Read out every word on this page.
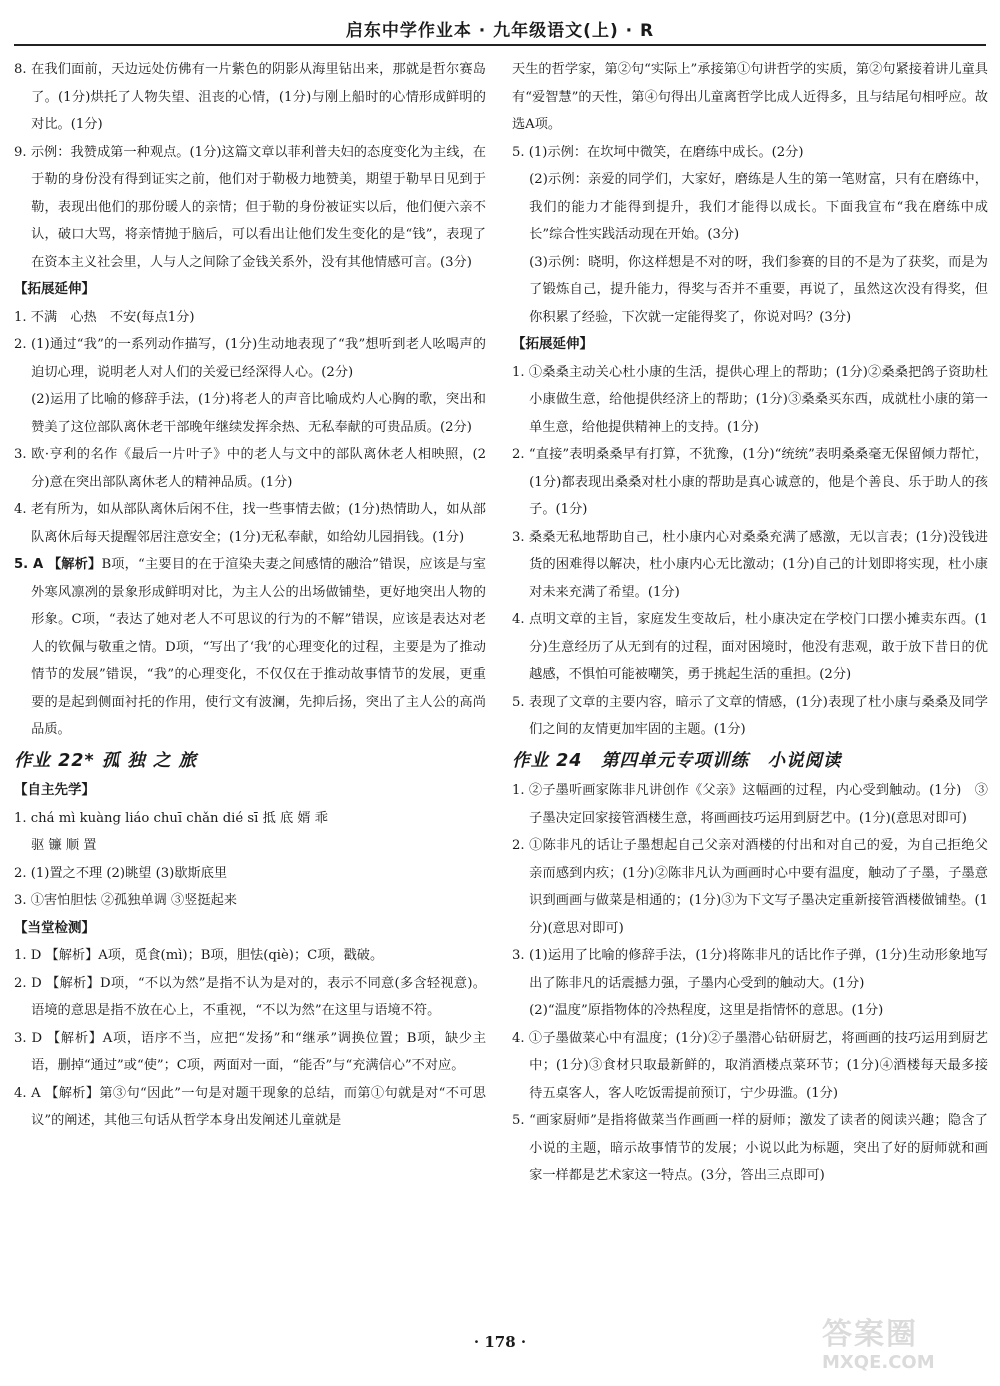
启东中学作业本 · 九年级语文(上) · R

8. 在我们面前，天边远处仿佛有一片紫色的阴影从海里钻出来，那就是哲尔赛岛了。(1分)烘托了人物失望、沮丧的心情，(1分)与刚上船时的心情形成鲜明的对比。(1分)

9. 示例：我赞成第一种观点。(1分)这篇文章以菲利普夫妇的态度变化为主线，在于勒的身份没有得到证实之前，他们对于勒极力地赞美，期望于勒早日见到于勒，表现出他们的那份暖人的亲情；但于勒的身份被证实以后，他们便六亲不认，破口大骂，将亲情抛于脑后，可以看出让他们发生变化的是“钱”，表现了在资本主义社会里，人与人之间除了金钱关系外，没有其他情感可言。(3分)

【拓展延伸】

1. 不满　心热　不安(每点1分)

2. (1)通过“我”的一系列动作描写，(1分)生动地表现了“我”想听到老人吆喝声的迫切心理，说明老人对人们的关爱已经深得人心。(2分)

(2)运用了比喻的修辞手法，(1分)将老人的声音比喻成灼人心胸的歌，突出和赞美了这位部队离休老干部晚年继续发挥余热、无私奉献的可贵品质。(2分)

3. 欧·亨利的名作《最后一片叶子》中的老人与文中的部队离休老人相映照，(2分)意在突出部队离休老人的精神品质。(1分)

4. 老有所为，如从部队离休后闲不住，找一些事情去做；(1分)热情助人，如从部队离休后每天提醒邻居注意安全；(1分)无私奉献，如给幼儿园捐钱。(1分)

5. A 【解析】B项，“主要目的在于渲染夫妻之间感情的融洽”错误，应该是与室外寒风凛冽的景象形成鲜明对比，为主人公的出场做铺垫，更好地突出人物的形象。C项，“表达了她对老人不可思议的行为的不解”错误，应该是表达对老人的钦佩与敬重之情。D项，“写出了‘我’的心理变化的过程，主要是为了推动情节的发展”错误，“我”的心理变化，不仅仅在于推动故事情节的发展，更重要的是起到侧面衬托的作用，使行文有波澜，先抑后扬，突出了主人公的高尚品质。

作业 22* 孤 独 之 旅

【自主先学】

1. chá mì kuàng liáo chuī chǎn dié sī 抵 底 婿 乖

驱 镰 顺 置

2. (1)置之不理 (2)眺望 (3)歇斯底里

3. ①害怕胆怯 ②孤独单调 ③竖挺起来

【当堂检测】

1. D 【解析】A项，觅食(mì)；B项，胆怯(qiè)；C项，戳破。

2. D 【解析】D项，“不以为然”是指不认为是对的，表示不同意(多含轻视意)。语境的意思是指不放在心上，不重视，“不以为然”在这里与语境不符。

3. D 【解析】A项，语序不当，应把“发扬”和“继承”调换位置；B项，缺少主语，删掉“通过”或“使”；C项，两面对一面，“能否”与“充满信心”不对应。

4. A 【解析】第③句“因此”一句是对题干现象的总结，而第①句就是对“不可思议”的阐述，其他三句话从哲学本身出发阐述儿童就是

天生的哲学家，第②句“实际上”承接第①句讲哲学的实质，第②句紧接着讲儿童具有“爱智慧”的天性，第④句得出儿童离哲学比成人近得多，且与结尾句相呼应。故选A项。

5. (1)示例：在坎坷中微笑，在磨练中成长。(2分)

(2)示例：亲爱的同学们，大家好，磨练是人生的第一笔财富，只有在磨练中，我们的能力才能得到提升，我们才能得以成长。下面我宣布“我在磨练中成长”综合性实践活动现在开始。(3分)

(3)示例：晓明，你这样想是不对的呀，我们参赛的目的不是为了获奖，而是为了锻炼自己，提升能力，得奖与否并不重要，再说了，虽然这次没有得奖，但你积累了经验，下次就一定能得奖了，你说对吗？(3分)

【拓展延伸】

1. ①桑桑主动关心杜小康的生活，提供心理上的帮助；(1分)②桑桑把鸽子资助杜小康做生意，给他提供经济上的帮助；(1分)③桑桑买东西，成就杜小康的第一单生意，给他提供精神上的支持。(1分)

2. “直接”表明桑桑早有打算，不犹豫，(1分)“统统”表明桑桑毫无保留倾力帮忙，(1分)都表现出桑桑对杜小康的帮助是真心诚意的，他是个善良、乐于助人的孩子。(1分)

3. 桑桑无私地帮助自己，杜小康内心对桑桑充满了感激，无以言表；(1分)没钱进货的困难得以解决，杜小康内心无比激动；(1分)自己的计划即将实现，杜小康对未来充满了希望。(1分)

4. 点明文章的主旨，家庭发生变故后，杜小康决定在学校门口摆小摊卖东西。(1分)生意经历了从无到有的过程，面对困境时，他没有悲观，敢于放下昔日的优越感，不惧怕可能被嘲笑，勇于挑起生活的重担。(2分)

5. 表现了文章的主要内容，暗示了文章的情感，(1分)表现了杜小康与桑桑及同学们之间的友情更加牢固的主题。(1分)

作业 24　第四单元专项训练　小说阅读

1. ②子墨听画家陈非凡讲创作《父亲》这幅画的过程，内心受到触动。(1分)　③子墨决定回家接管酒楼生意，将画画技巧运用到厨艺中。(1分)(意思对即可)

2. ①陈非凡的话让子墨想起自己父亲对酒楼的付出和对自己的爱，为自己拒绝父亲而感到内疚；(1分)②陈非凡认为画画时心中要有温度，触动了子墨，子墨意识到画画与做菜是相通的；(1分)③为下文写子墨决定重新接管酒楼做铺垫。(1分)(意思对即可)

3. (1)运用了比喻的修辞手法，(1分)将陈非凡的话比作子弹，(1分)生动形象地写出了陈非凡的话震撼力强，子墨内心受到的触动大。(1分)

(2)“温度”原指物体的冷热程度，这里是指情怀的意思。(1分)

4. ①子墨做菜心中有温度；(1分)②子墨潜心钻研厨艺，将画画的技巧运用到厨艺中；(1分)③食材只取最新鲜的，取消酒楼点菜环节；(1分)④酒楼每天最多接待五桌客人，客人吃饭需提前预订，宁少毋滥。(1分)

5. “画家厨师”是指将做菜当作画画一样的厨师；激发了读者的阅读兴趣；隐含了小说的主题，暗示故事情节的发展；小说以此为标题，突出了好的厨师就和画家一样都是艺术家这一特点。(3分，答出三点即可)

· 178 ·	答案圈
MXQE.COM
